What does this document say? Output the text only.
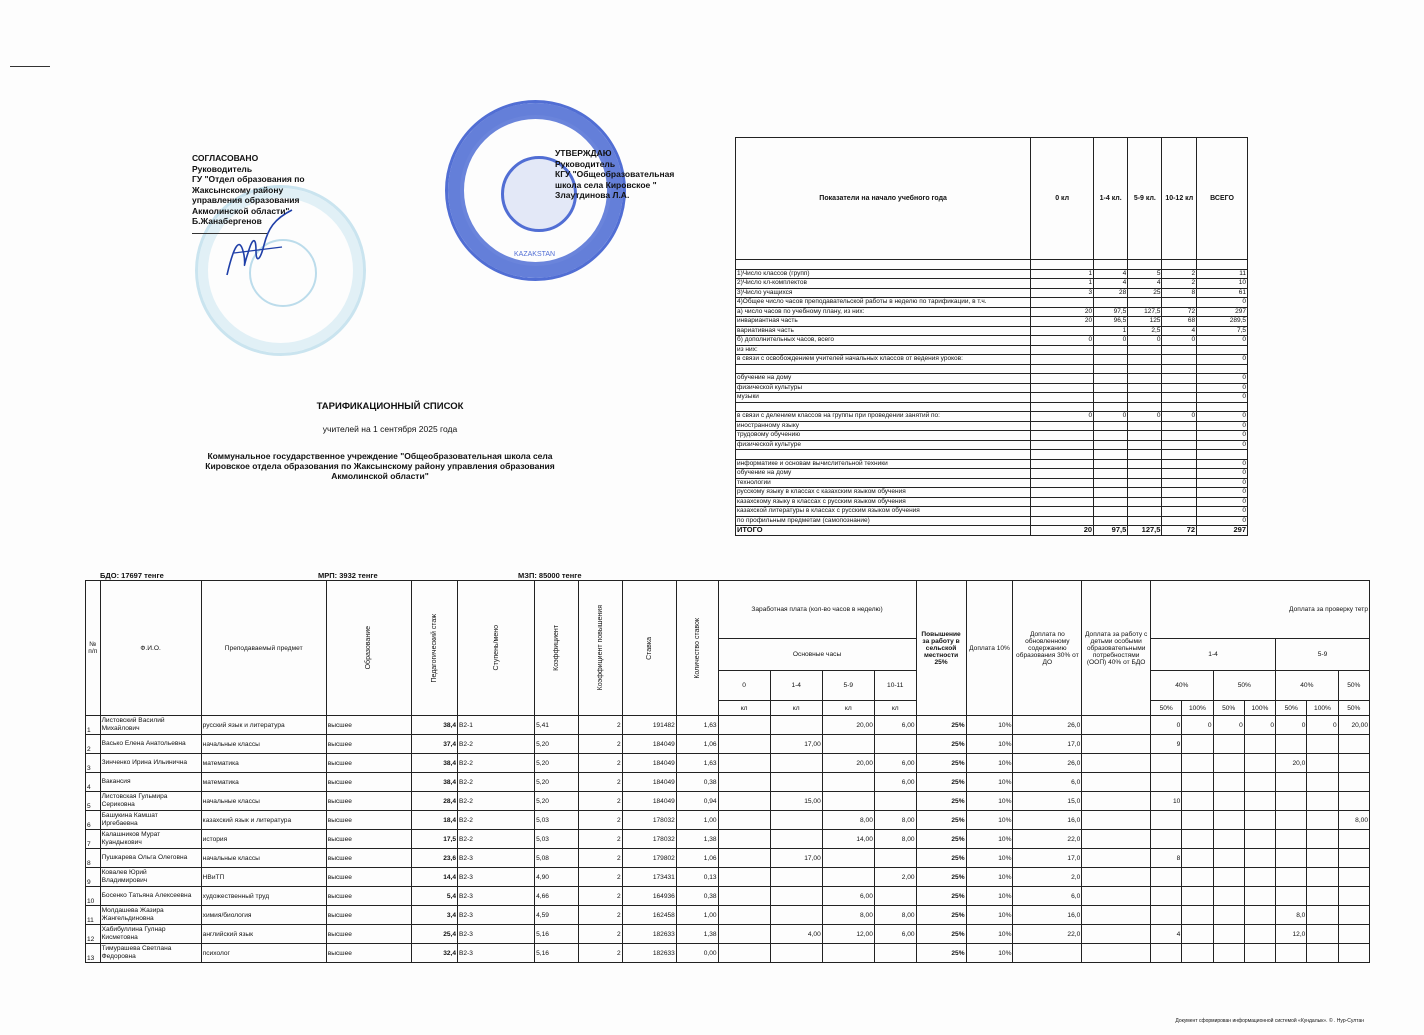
KAZAKSTAN
СОГЛАСОВАНО
Руководитель
ГУ "Отдел образования по
Жаксынскому району
управления образования
Акмолинской области"
Б.Жанабергенов
УТВЕРЖДАЮ
Руководитель
КГУ "Общеобразовательная
школа села Кировское "
Злаутдинова Л.А.
ТАРИФИКАЦИОННЫЙ СПИСОК
учителей на 1 сентября 2025 года
Коммунальное государственное учреждение "Общеобразовательная школа села
Кировское отдела образования по Жаксынскому району управления образования
Акмолинской области"
Показатели на начало учебного года	0 кл	1-4 кл.	5-9 кл.	10-12 кл	ВСЕГО

1)Число классов (групп)	1	4	5	2	11
2)Число кл-комплектов	1	4	4	2	10
3)Число учащихся	3	28	25	8	61
4)Общее число часов преподавательской работы в неделю по тарификации, в т.ч.					0
а) число часов по учебному плану, из них:	20	97,5	127,5	72	297
инвариантная часть	20	96,5	125	68	289,5
вариативная часть		1	2,5	4	7,5
б) дополнительных часов, всего	0	0	0	0	0
из них:					
в связи с освобождением учителей начальных классов от ведения уроков:					0

обучение на дому					0
физической культуры					0
музыки					0

в связи с делением классов на группы при проведении занятий по:	0	0	0	0	0
иностранному языку					0
трудовому обучению					0
физической культуре					0

информатике и основам вычислительной техники					0
обучение на дому					0
технологии					0
русскому языку в классах с казахским языком обучения					0
казахскому языку в классах с русским языком обучения					0
казахской литературы в классах с русским языком обучения					0
по профильным предметам (самопознание)					0
ИТОГО	20	97,5	127,5	72	297
БДО: 17697 тенге	МРП: 3932 тенге	МЗП: 85000 тенге
№ п/п	Ф.И.О.	Преподаваемый предмет	Образование	Педагогический стаж	Ступень/мено	Коэффициент	Коэффициент повышения	Ставка	Количество ставок	Заработная плата (кол-во часов в неделю)				Повышение за работу в сельской местности 25%	Доплата 10%	Доплата по обновленному содержанию образования 30% от ДО	Доплата за работу с детьми особыми образовательными потребностями (ООП) 40% от БДО	Доплата за проверку тетр						
										Основные часы								1-4				5-9		
										0	1-4	5-9	10-11					40%		50%		40%		50%
										кл	кл	кл	кл					50%	100%	50%	100%	50%	100%	50%
1	Листовский Василий
Михайлович	русский язык и литература	высшее	38,4	В2-1	5,41	2	191482	1,63			20,00	6,00	25%	10%	26,0		0	0	0	0	0	0	20,00
2	Васько Елена Анатольевна	начальные классы	высшее	37,4	В2-2	5,20	2	184049	1,06		17,00			25%	10%	17,0		9						
3	Зинченко Ирина Ильинична	математика	высшее	38,4	В2-2	5,20	2	184049	1,63			20,00	6,00	25%	10%	26,0						20,0		
4	Вакансия	математика	высшее	38,4	В2-2	5,20	2	184049	0,38				6,00	25%	10%	6,0								
5	Листовская Гульмира
Сериковна	начальные классы	высшее	28,4	В2-2	5,20	2	184049	0,94		15,00			25%	10%	15,0		10						
6	Башукина Камшат
Иргебаевна	казахский язык и литература	высшее	18,4	В2-2	5,03	2	178032	1,00			8,00	8,00	25%	10%	16,0								8,00
7	Калашников Мурат
Куандыкович	история	высшее	17,5	В2-2	5,03	2	178032	1,38			14,00	8,00	25%	10%	22,0								
8	Пушкарева Ольга Олеговна	начальные классы	высшее	23,6	В2-3	5,08	2	179802	1,06		17,00			25%	10%	17,0		8						
9	Ковалев Юрий
Владимирович	НВиТП	высшее	14,4	В2-3	4,90	2	173431	0,13				2,00	25%	10%	2,0								
10	Босенко Татьяна Алексеевна	художественный труд	высшее	5,4	В2-3	4,66	2	164936	0,38			6,00		25%	10%	6,0								
11	Молдашева Жазира
Жангельдиновна	химия/биология	высшее	3,4	В2-3	4,59	2	162458	1,00			8,00	8,00	25%	10%	16,0						8,0		
12	Хабибуллина Гулнар
Кисметовна	английский язык	высшее	25,4	В2-3	5,16	2	182633	1,38		4,00	12,00	6,00	25%	10%	22,0		4				12,0		
13	Тимурашева Светлана
Федоровна	психолог	высшее	32,4	В2-3	5,16	2	182633	0,00					25%	10%									
Документ сформирован информационной системой «Кундалык». © . Нур-Султан
